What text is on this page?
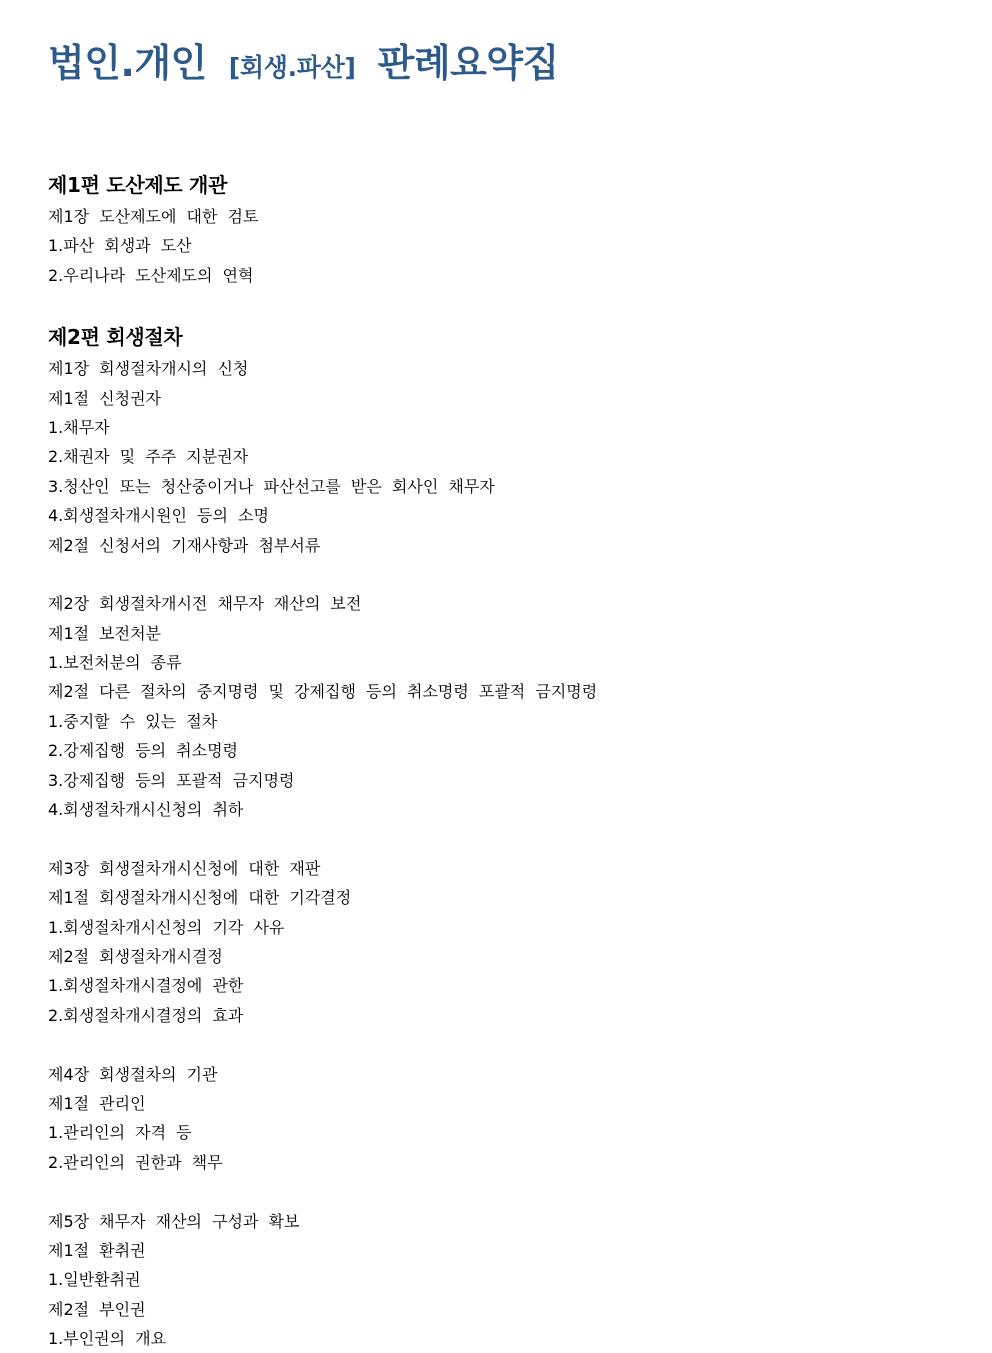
법인.개인 [회생.파산] 판례요약집
제1편 도산제도 개관
제1장 도산제도에 대한 검토
1.파산 회생과 도산
2.우리나라 도산제도의 연혁
제2편 회생절차
제1장 회생절차개시의 신청
제1절 신청권자
1.채무자
2.채권자 및 주주 지분권자
3.청산인 또는 청산중이거나 파산선고를 받은 회사인 채무자
4.회생절차개시원인 등의 소명
제2절 신청서의 기재사항과 첨부서류
제2장 회생절차개시전 채무자 재산의 보전
제1절 보전처분
1.보전처분의 종류
제2절 다른 절차의 중지명령 및 강제집행 등의 취소명령 포괄적 금지명령
1.중지할 수 있는 절차
2.강제집행 등의 취소명령
3.강제집행 등의 포괄적 금지명령
4.회생절차개시신청의 취하
제3장 회생절차개시신청에 대한 재판
제1절 회생절차개시신청에 대한 기각결정
1.회생절차개시신청의 기각 사유
제2절 회생절차개시결정
1.회생절차개시결정에 관한
2.회생절차개시결정의 효과
제4장 회생절차의 기관
제1절 관리인
1.관리인의 자격 등
2.관리인의 권한과 책무
제5장 채무자 재산의 구성과 확보
제1절 환취권
1.일반환취권
제2절 부인권
1.부인권의 개요
